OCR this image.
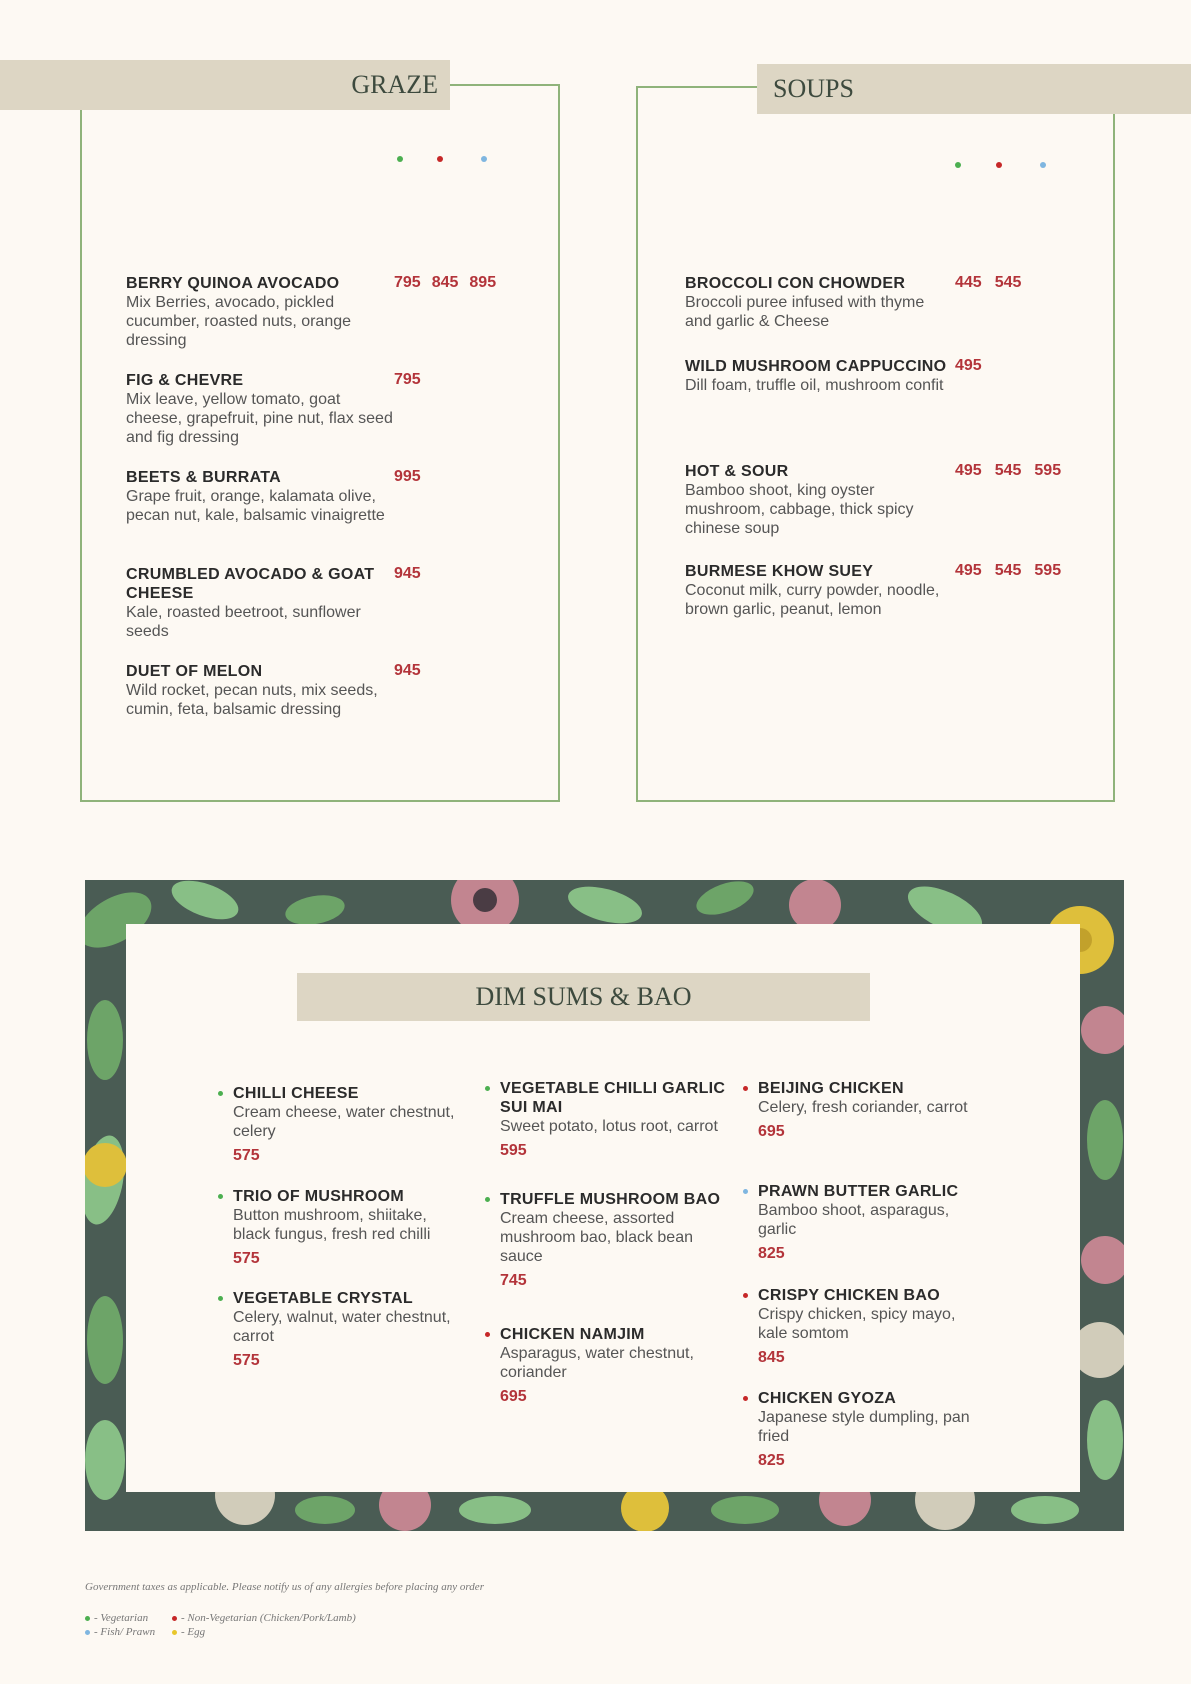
GRAZE
BERRY QUINOA AVOCADO
Mix Berries, avocado, pickled cucumber, roasted nuts, orange dressing
795 845 895
FIG & CHEVRE
Mix leave, yellow tomato, goat cheese, grapefruit, pine nut, flax seed and fig dressing
795
BEETS & BURRATA
Grape fruit, orange, kalamata olive, pecan nut, kale, balsamic vinaigrette
995
CRUMBLED AVOCADO & GOAT CHEESE
Kale, roasted beetroot, sunflower seeds
945
DUET OF MELON
Wild rocket, pecan nuts, mix seeds, cumin, feta, balsamic dressing
945
SOUPS
BROCCOLI CON CHOWDER
Broccoli puree infused with thyme and garlic & Cheese
445 545
WILD MUSHROOM CAPPUCCINO
Dill foam, truffle oil, mushroom confit
495
HOT & SOUR
Bamboo shoot, king oyster mushroom, cabbage, thick spicy chinese soup
495 545 595
BURMESE KHOW SUEY
Coconut milk, curry powder, noodle, brown garlic, peanut, lemon
495 545 595
DIM SUMS & BAO
CHILLI CHEESE
Cream cheese, water chestnut, celery
575
TRIO OF MUSHROOM
Button mushroom, shiitake, black fungus, fresh red chilli
575
VEGETABLE CRYSTAL
Celery, walnut, water chestnut, carrot
575
VEGETABLE CHILLI GARLIC SUI MAI
Sweet potato, lotus root, carrot
595
TRUFFLE MUSHROOM BAO
Cream cheese, assorted mushroom bao, black bean sauce
745
CHICKEN NAMJIM
Asparagus, water chestnut, coriander
695
BEIJING CHICKEN
Celery, fresh coriander, carrot
695
PRAWN BUTTER GARLIC
Bamboo shoot, asparagus, garlic
825
CRISPY CHICKEN BAO
Crispy chicken, spicy mayo, kale somtom
845
CHICKEN GYOZA
Japanese style dumpling, pan fried
825
Government taxes as applicable. Please notify us of any allergies before placing any order
- Vegetarian	- Non-Vegetarian (Chicken/Pork/Lamb)
- Fish/ Prawn	- Egg
